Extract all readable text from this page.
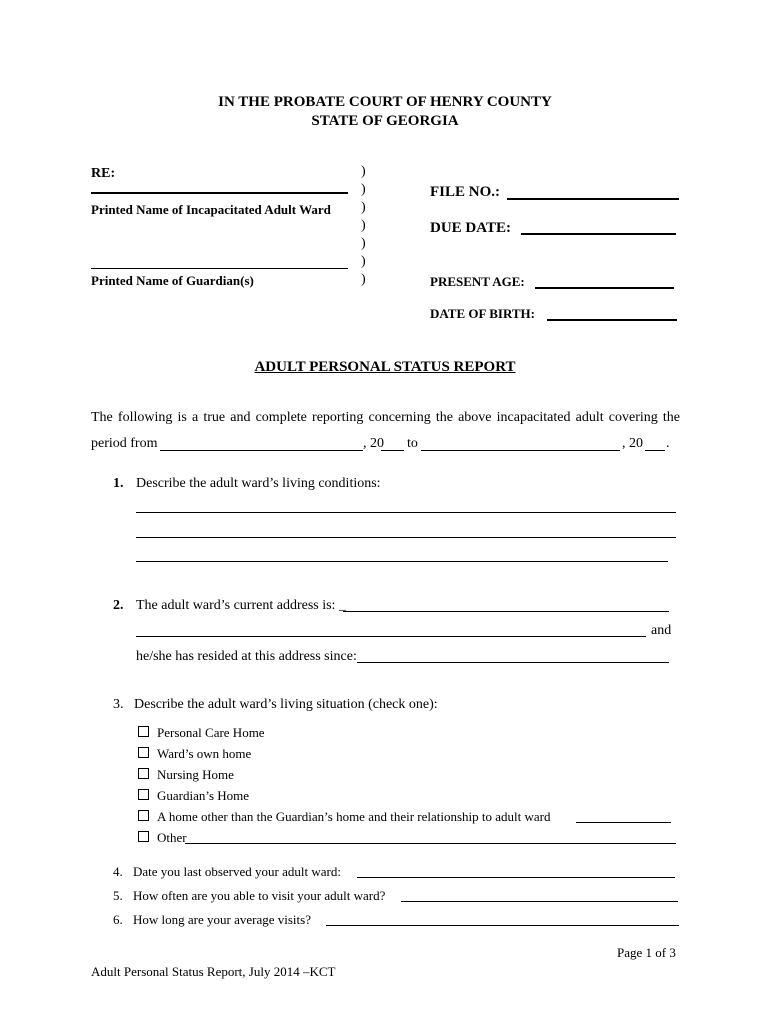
IN THE PROBATE COURT OF HENRY COUNTY
STATE OF GEORGIA
RE:
Printed Name of Incapacitated Adult Ward
Printed Name of Guardian(s)
)
)
)
)
)
)
)
FILE NO.:
DUE DATE:
PRESENT AGE:
DATE OF BIRTH:
ADULT PERSONAL STATUS REPORT
The following is a true and complete reporting concerning the above incapacitated adult covering the
period from	, 20 to	, 20 .
1. Describe the adult ward’s living conditions:
2. The adult ward’s current address is: _
and
he/she has resided at this address since:
3. Describe the adult ward’s living situation (check one):
Personal Care Home
Ward’s own home
Nursing Home
Guardian’s Home
A home other than the Guardian’s home and their relationship to adult ward
Other
4. Date you last observed your adult ward:
5. How often are you able to visit your adult ward?
6. How long are your average visits?
Page 1 of 3
Adult Personal Status Report, July 2014 –KCT
